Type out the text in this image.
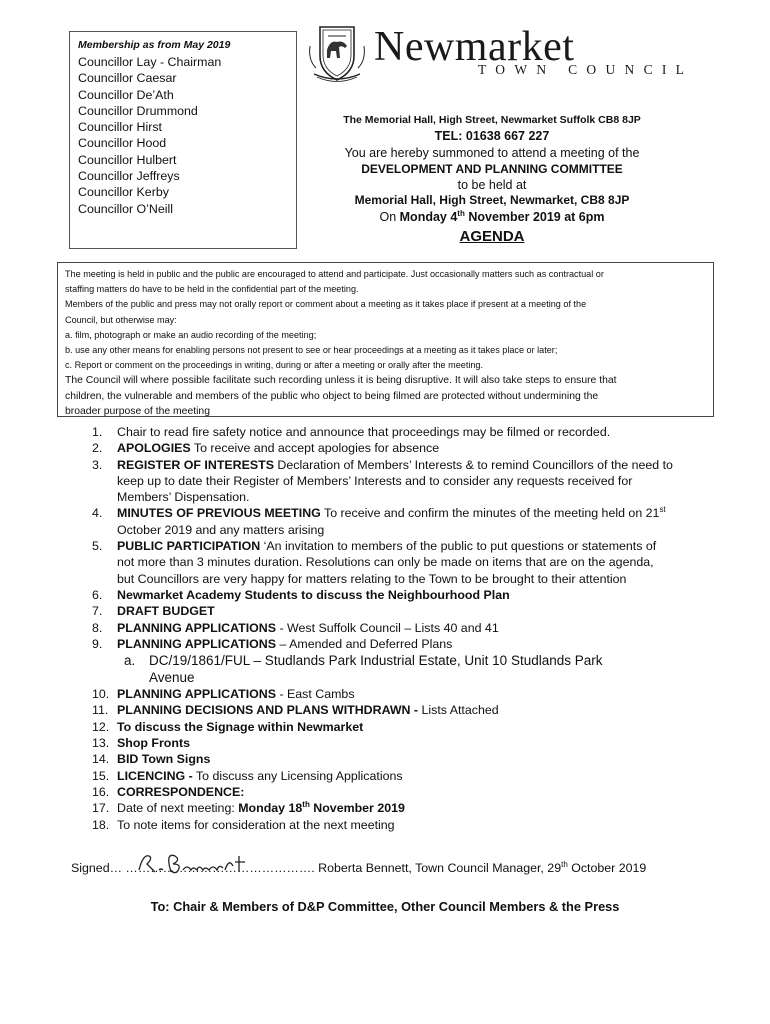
Membership as from May 2019
Councillor Lay - Chairman
Councillor Caesar
Councillor De’Ath
Councillor Drummond
Councillor Hirst
Councillor Hood
Councillor Hulbert
Councillor Jeffreys
Councillor Kerby
Councillor O’Neill
Newmarket
TOWN COUNCIL
The Memorial Hall, High Street, Newmarket Suffolk CB8 8JP
TEL: 01638 667 227
You are hereby summoned to attend a meeting of the
DEVELOPMENT AND PLANNING COMMITTEE
to be held at
Memorial Hall, High Street, Newmarket, CB8 8JP
On Monday 4th November 2019 at 6pm
AGENDA
The meeting is held in public and the public are encouraged to attend and participate. Just occasionally matters such as contractual or
staffing matters do have to be held in the confidential part of the meeting.
Members of the public and press may not orally report or comment about a meeting as it takes place if present at a meeting of the
Council, but otherwise may:
a. film, photograph or make an audio recording of the meeting;
b. use any other means for enabling persons not present to see or hear proceedings at a meeting as it takes place or later;
c. Report or comment on the proceedings in writing, during or after a meeting or orally after the meeting.
The Council will where possible facilitate such recording unless it is being disruptive. It will also take steps to ensure that
children, the vulnerable and members of the public who object to being filmed are protected without undermining the
broader purpose of the meeting
1. Chair to read fire safety notice and announce that proceedings may be filmed or recorded.
2. APOLOGIES To receive and accept apologies for absence
3. REGISTER OF INTERESTS Declaration of Members’ Interests & to remind Councillors of the need to
keep up to date their Register of Members’ Interests and to consider any requests received for
Members’ Dispensation.
4. MINUTES OF PREVIOUS MEETING To receive and confirm the minutes of the meeting held on 21st
October 2019 and any matters arising
5. PUBLIC PARTICIPATION ‘An invitation to members of the public to put questions or statements of
not more than 3 minutes duration. Resolutions can only be made on items that are on the agenda,
but Councillors are very happy for matters relating to the Town to be brought to their attention
6. Newmarket Academy Students to discuss the Neighbourhood Plan
7. DRAFT BUDGET
8. PLANNING APPLICATIONS - West Suffolk Council – Lists 40 and 41
9. PLANNING APPLICATIONS – Amended and Deferred Plans
a. DC/19/1861/FUL – Studlands Park Industrial Estate, Unit 10 Studlands Park
Avenue
10. PLANNING APPLICATIONS - East Cambs
11. PLANNING DECISIONS AND PLANS WITHDRAWN - Lists Attached
12. To discuss the Signage within Newmarket
13. Shop Fronts
14. BID Town Signs
15. LICENCING - To discuss any Licensing Applications
16. CORRESPONDENCE:
17. Date of next meeting: Monday 18th November 2019
18. To note items for consideration at the next meeting
Signed… ……………………………………….
Roberta Bennett, Town Council Manager, 29th October 2019
To: Chair & Members of D&P Committee, Other Council Members & the Press
